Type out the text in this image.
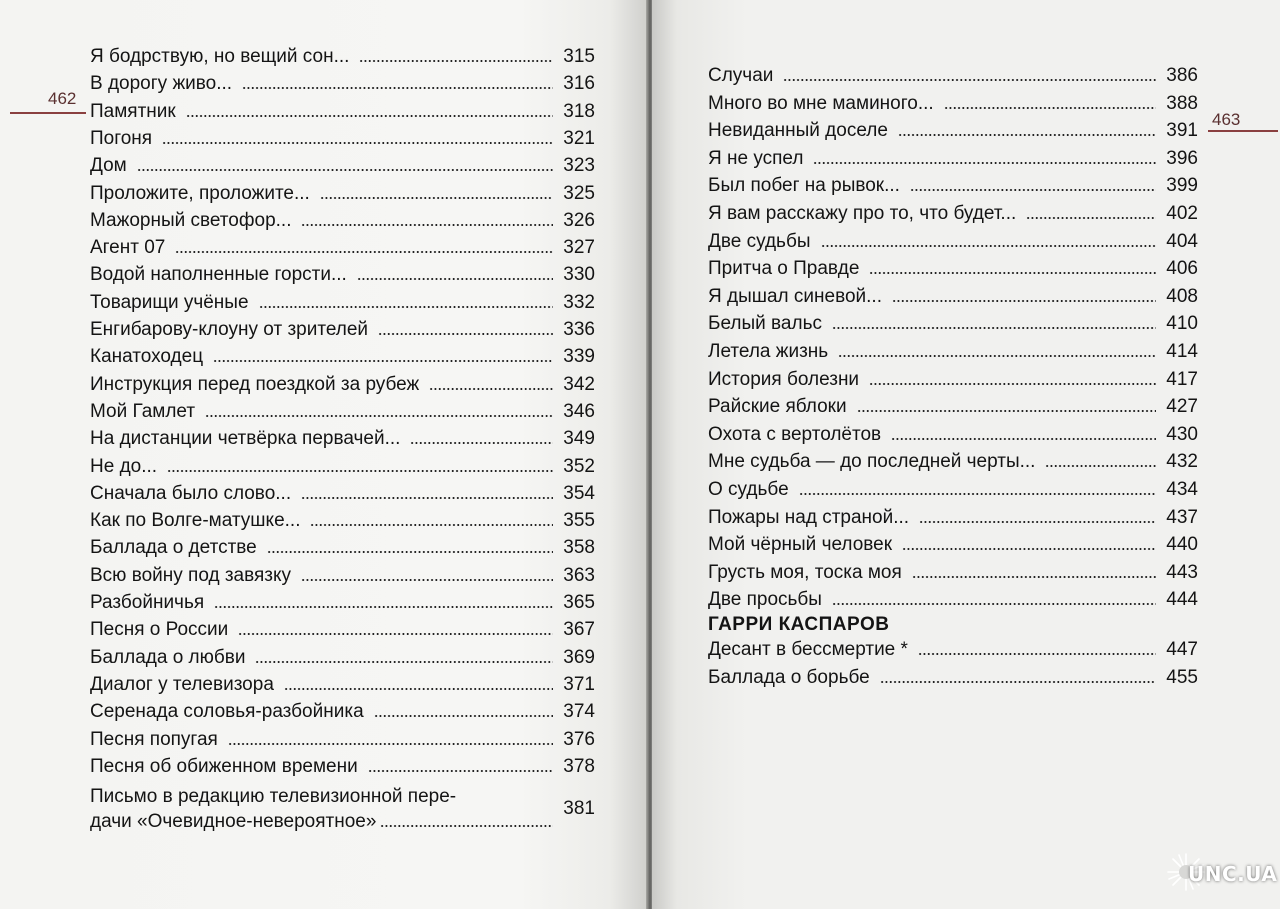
462
Я бодрствую, но вещий сон...	315
В дорогу живо...	316
Памятник	318
Погоня	321
Дом	323
Проложите, проложите...	325
Мажорный светофор...	326
Агент 07	327
Водой наполненные горсти...	330
Товарищи учёные	332
Енгибарову-клоуну от зрителей	336
Канатоходец	339
Инструкция перед поездкой за рубеж	342
Мой Гамлет	346
На дистанции четвёрка первачей...	349
Не до...	352
Сначала было слово...	354
Как по Волге-матушке...	355
Баллада о детстве	358
Всю войну под завязку	363
Разбойничья	365
Песня о России	367
Баллада о любви	369
Диалог у телевизора	371
Серенада соловья-разбойника	374
Песня попугая	376
Песня об обиженном времени	378
Письмо в редакцию телевизионной пере-
дачи «Очевидное-невероятное»
381
463
Случаи	386
Много во мне маминого...	388
Невиданный доселе	391
Я не успел	396
Был побег на рывок...	399
Я вам расскажу про то, что будет...	402
Две судьбы	404
Притча о Правде	406
Я дышал синевой...	408
Белый вальс	410
Летела жизнь	414
История болезни	417
Райские яблоки	427
Охота с вертолётов	430
Мне судьба — до последней черты...	432
О судьбе	434
Пожары над страной...	437
Мой чёрный человек	440
Грусть моя, тоска моя	443
Две просьбы	444
ГАРРИ КАСПАРОВ
Десант в бессмертие *	447
Баллада о борьбе	455
UNC.UA
